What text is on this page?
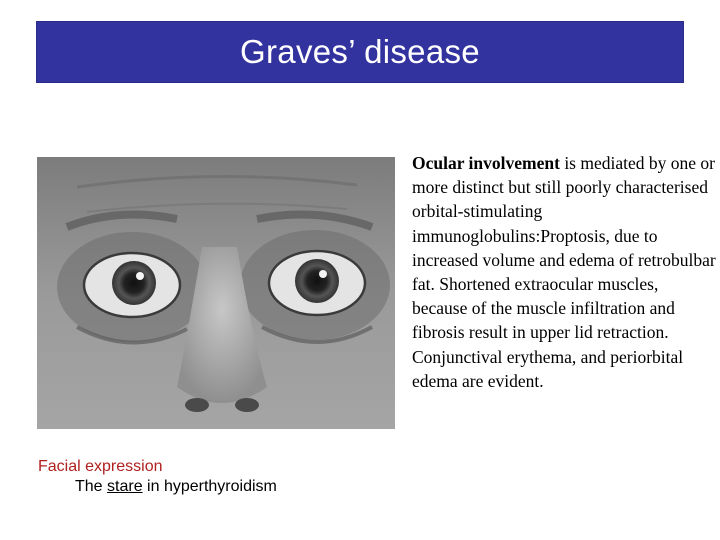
Graves’ disease
Ocular involvement is mediated by one or more distinct but still poorly characterised orbital-stimulating immunoglobulins:Proptosis, due to increased volume and edema of retrobulbar fat. Shortened extraocular muscles, because of the muscle infiltration and fibrosis result in upper lid retraction. Conjunctival erythema, and periorbital edema are evident.
Facial expression
The stare in hyperthyroidism
